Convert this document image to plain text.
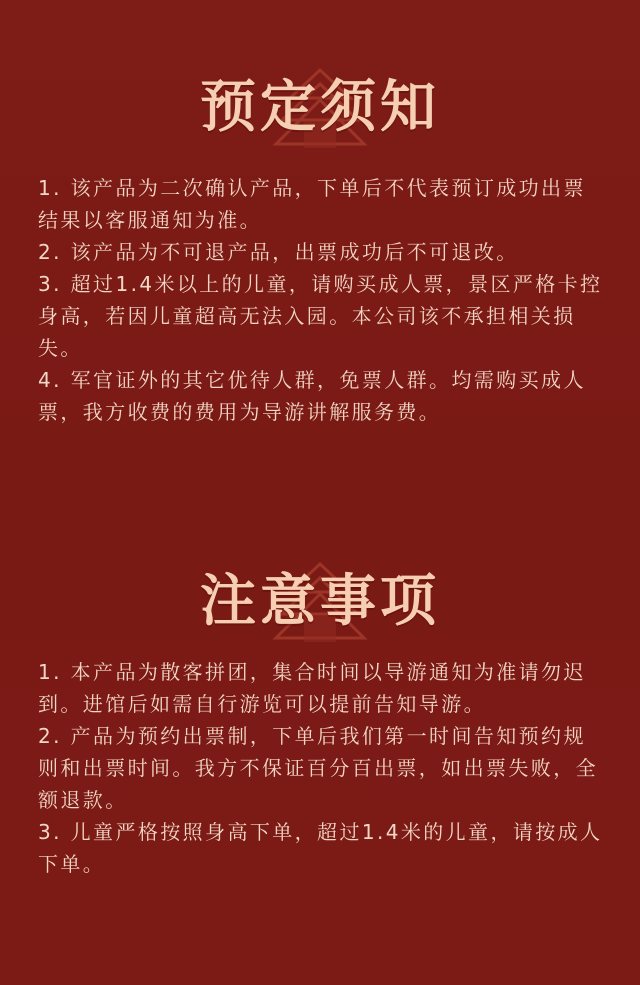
预定须知
1. 该产品为二次确认产品，下单后不代表预订成功出票结果以客服通知为准。
2. 该产品为不可退产品，出票成功后不可退改。
3. 超过1.4米以上的儿童，请购买成人票，景区严格卡控身高，若因儿童超高无法入园。本公司该不承担相关损失。
4. 军官证外的其它优待人群，免票人群。均需购买成人票，我方收费的费用为导游讲解服务费。
注意事项
1. 本产品为散客拼团，集合时间以导游通知为准请勿迟到。进馆后如需自行游览可以提前告知导游。
2. 产品为预约出票制，下单后我们第一时间告知预约规则和出票时间。我方不保证百分百出票，如出票失败，全额退款。
3. 儿童严格按照身高下单，超过1.4米的儿童，请按成人下单。
